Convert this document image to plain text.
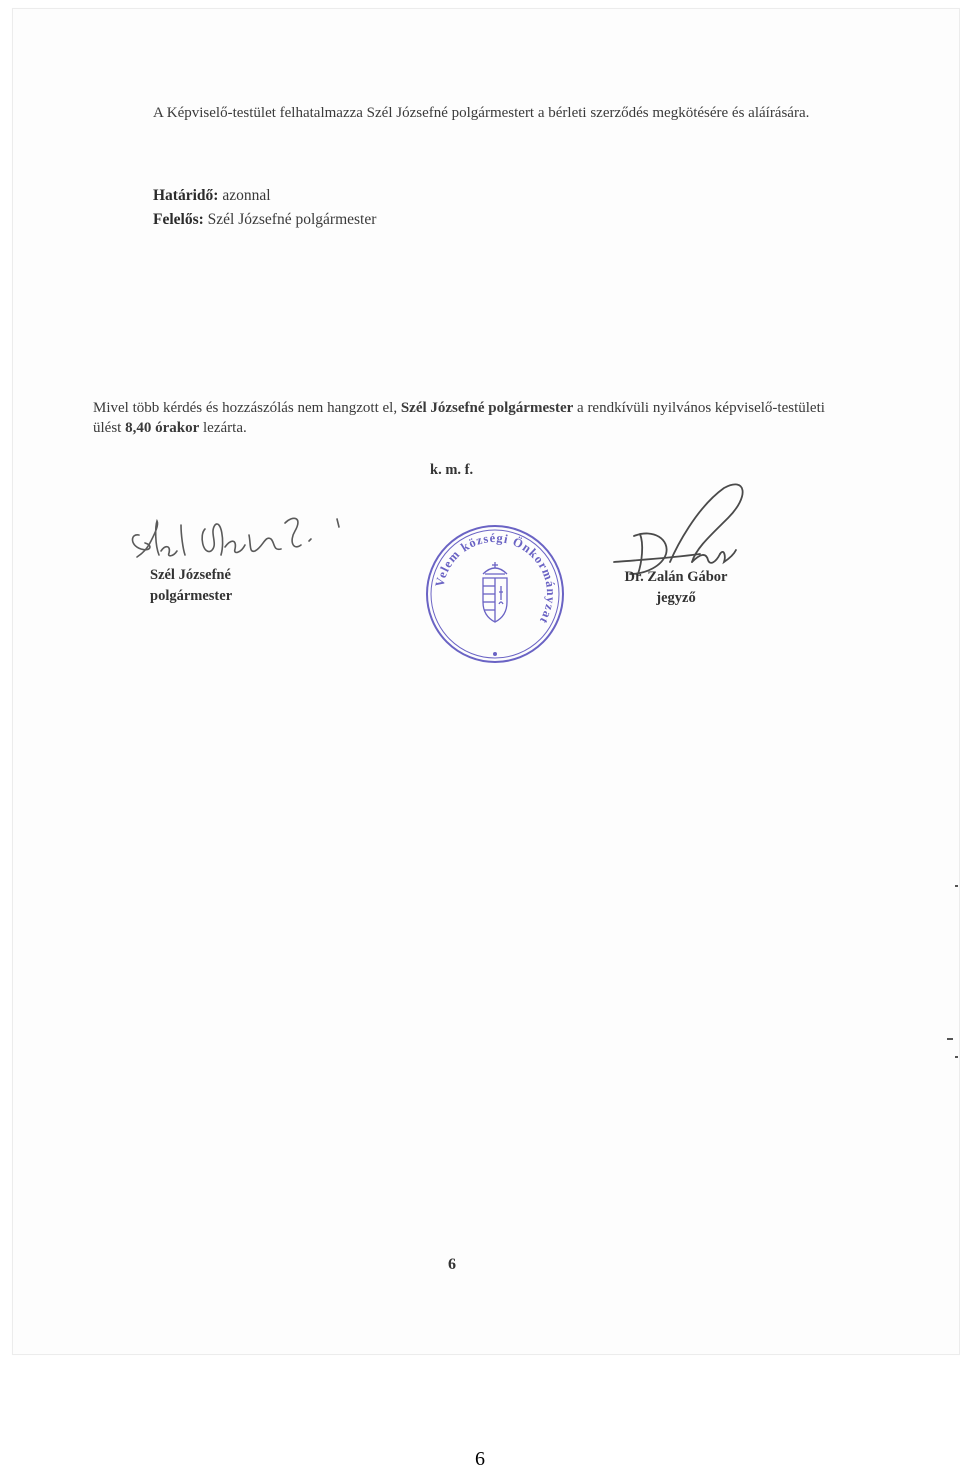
A Képviselő-testület felhatalmazza Szél Józsefné polgármestert a bérleti szerződés megkötésére és aláírására.
Határidő: azonnal
Felelős: Szél Józsefné polgármester
Mivel több kérdés és hozzászólás nem hangzott el, Szél Józsefné polgármester a rendkívüli nyilvános képviselő-testületi ülést 8,40 órakor lezárta.
k. m. f.
Szél Józsefné
polgármester
Velem községi Önkormányzat
Dr. Zalán Gábor
jegyző
6
6
